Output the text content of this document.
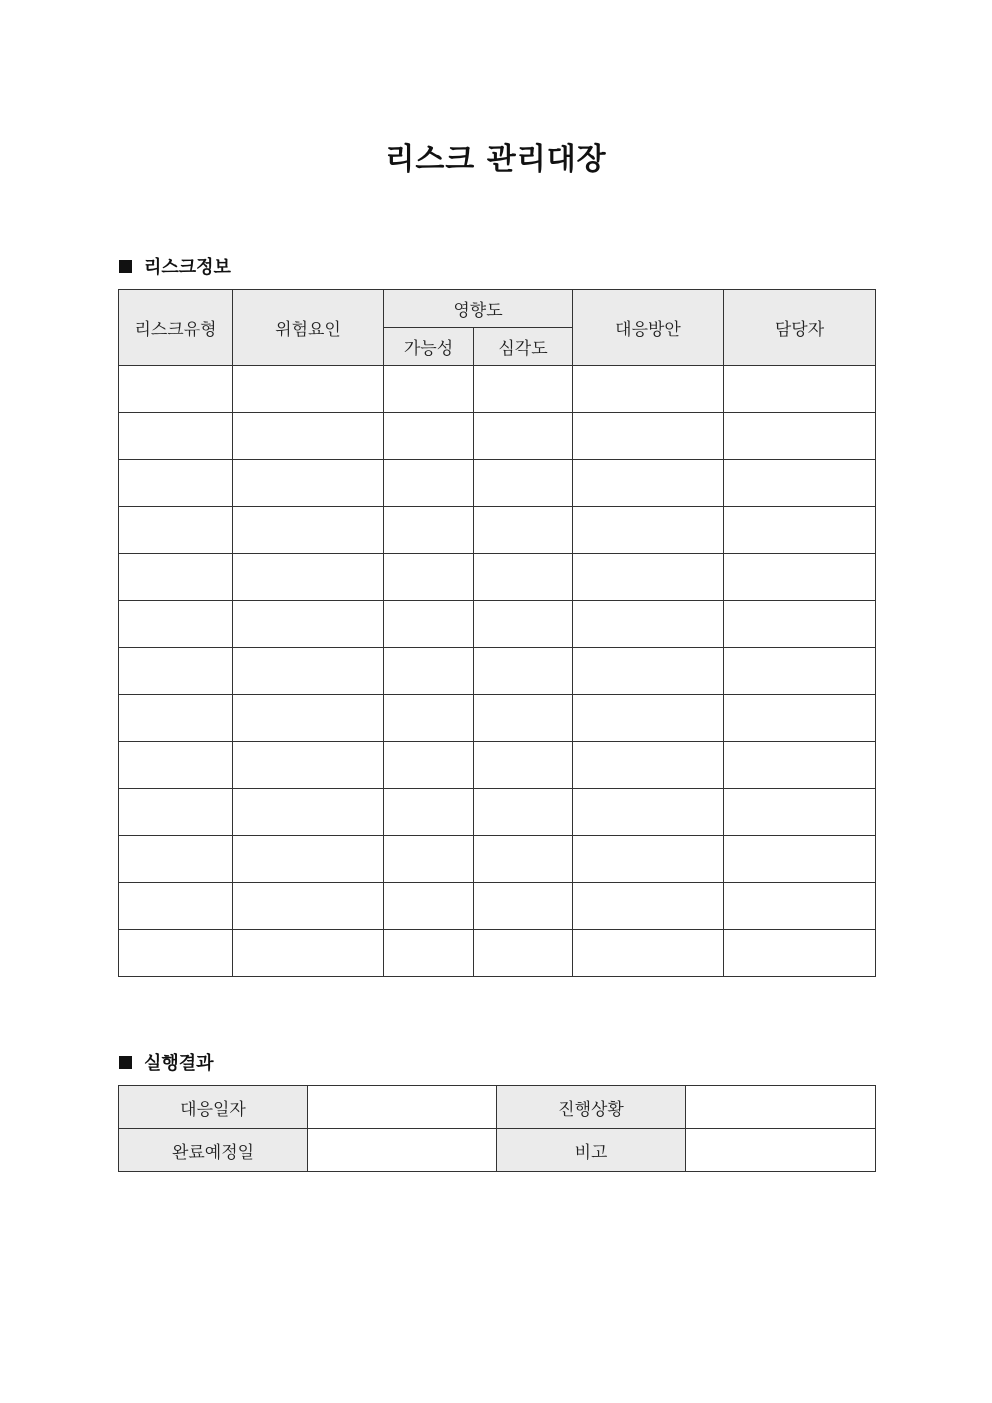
리스크 관리대장
리스크정보
리스크유형	위험요인	영향도		대응방안	담당자
		가능성	심각도		

실행결과
대응일자		진행상황	
완료예정일		비고	
